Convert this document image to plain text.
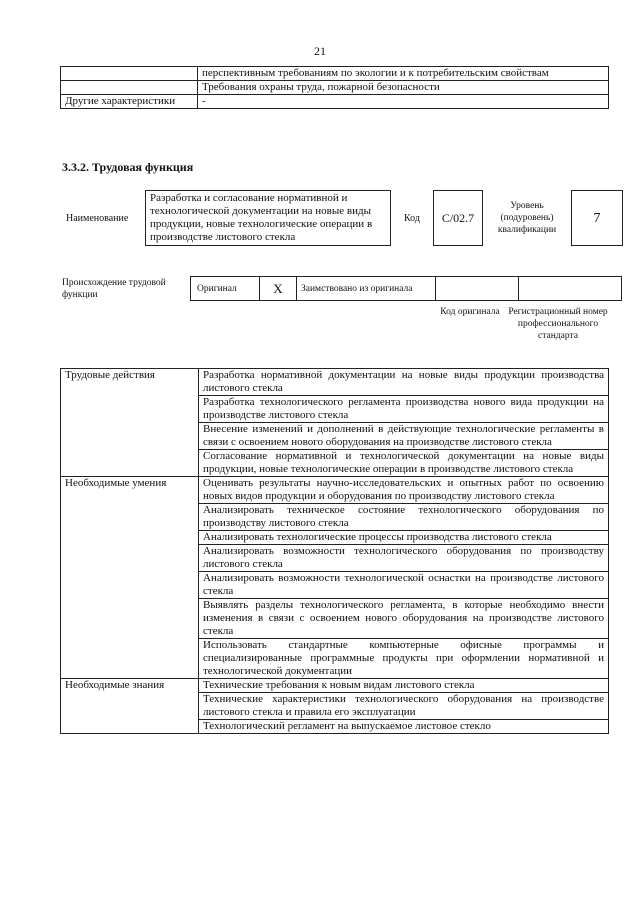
21
	перспективным требованиям по экологии и к потребительским свойствам
	Требования охраны труда, пожарной безопасности
Другие характеристики	-
3.3.2. Трудовая функция
Наименование	Разработка и согласование нормативной и технологической документации на новые виды продукции, новые технологические операции в производстве листового стекла	Код	C/02.7	Уровень (подуровень) квалификации	7
Происхождение трудовой функции	Оригинал	X	Заимствовано из оригинала		
Код оригинала Регистрационный номер профессионального стандарта
Трудовые действия	Разработка нормативной документации на новые виды продукции производства листового стекла
	Разработка технологического регламента производства нового вида продукции на производстве листового стекла
	Внесение изменений и дополнений в действующие технологические регламенты в связи с освоением нового оборудования на производстве листового стекла
	Согласование нормативной и технологической документации на новые виды продукции, новые технологические операции в производстве листового стекла
Необходимые умения	Оценивать результаты научно-исследовательских и опытных работ по освоению новых видов продукции и оборудования по производству листового стекла
	Анализировать техническое состояние технологического оборудования по производству листового стекла
	Анализировать технологические процессы производства листового стекла
	Анализировать возможности технологического оборудования по производству листового стекла
	Анализировать возможности технологической оснастки на производстве листового стекла
	Выявлять разделы технологического регламента, в которые необходимо внести изменения в связи с освоением нового оборудования на производстве листового стекла
	Использовать стандартные компьютерные офисные программы и специализированные программные продукты при оформлении нормативной и технологической документации
Необходимые знания	Технические требования к новым видам листового стекла
	Технические характеристики технологического оборудования на производстве листового стекла и правила его эксплуатации
	Технологический регламент на выпускаемое листовое стекло
